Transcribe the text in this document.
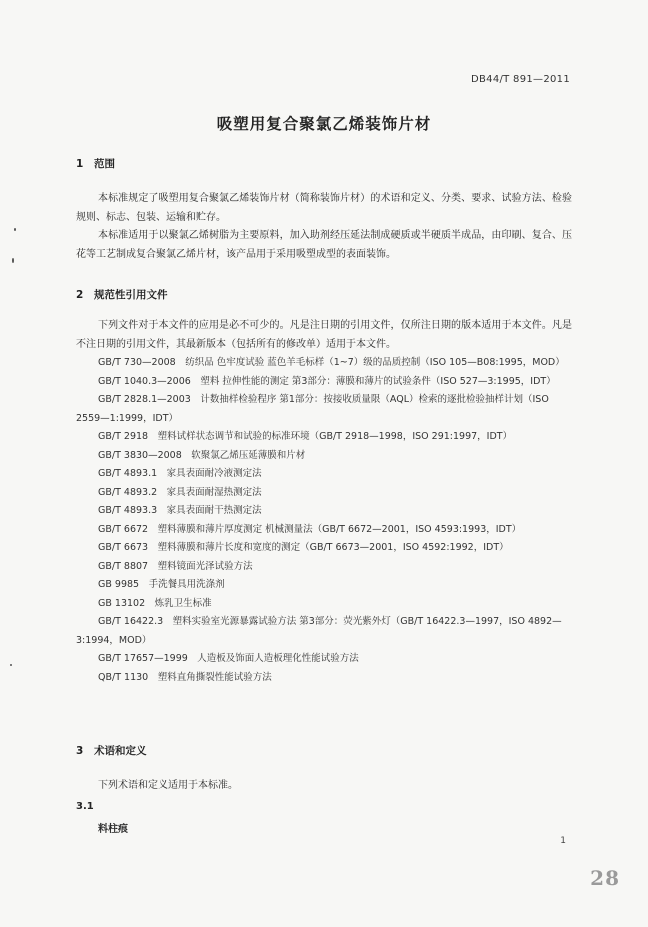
DB44/T 891—2011
吸塑用复合聚氯乙烯装饰片材
1 范围

本标准规定了吸塑用复合聚氯乙烯装饰片材（简称装饰片材）的术语和定义、分类、要求、试验方法、检验规则、标志、包装、运输和贮存。

本标准适用于以聚氯乙烯树脂为主要原料，加入助剂经压延法制成硬质或半硬质半成品，由印刷、复合、压花等工艺制成复合聚氯乙烯片材，该产品用于采用吸塑成型的表面装饰。

2 规范性引用文件

下列文件对于本文件的应用是必不可少的。凡是注日期的引用文件，仅所注日期的版本适用于本文件。凡是不注日期的引用文件，其最新版本（包括所有的修改单）适用于本文件。

GB/T 730—2008　纺织品 色牢度试验 蓝色羊毛标样（1~7）级的品质控制（ISO 105—B08:1995，MOD）

GB/T 1040.3—2006　塑料 拉伸性能的测定 第3部分：薄膜和薄片的试验条件（ISO 527—3:1995，IDT）

GB/T 2828.1—2003　计数抽样检验程序 第1部分：按接收质量限（AQL）检索的逐批检验抽样计划（ISO 2559—1:1999，IDT）

GB/T 2918　塑料试样状态调节和试验的标准环境（GB/T 2918—1998，ISO 291:1997，IDT）

GB/T 3830—2008　软聚氯乙烯压延薄膜和片材

GB/T 4893.1　家具表面耐冷液测定法

GB/T 4893.2　家具表面耐湿热测定法

GB/T 4893.3　家具表面耐干热测定法

GB/T 6672　塑料薄膜和薄片厚度测定 机械测量法（GB/T 6672—2001，ISO 4593:1993，IDT）

GB/T 6673　塑料薄膜和薄片长度和宽度的测定（GB/T 6673—2001，ISO 4592:1992，IDT）

GB/T 8807　塑料镜面光泽试验方法

GB 9985　手洗餐具用洗涤剂

GB 13102　炼乳卫生标准

GB/T 16422.3　塑料实验室光源暴露试验方法 第3部分：荧光紫外灯（GB/T 16422.3—1997，ISO 4892—3:1994，MOD）

GB/T 17657—1999　人造板及饰面人造板理化性能试验方法

QB/T 1130　塑料直角撕裂性能试验方法

3 术语和定义

下列术语和定义适用于本标准。

3.1
料柱痕
1
28
